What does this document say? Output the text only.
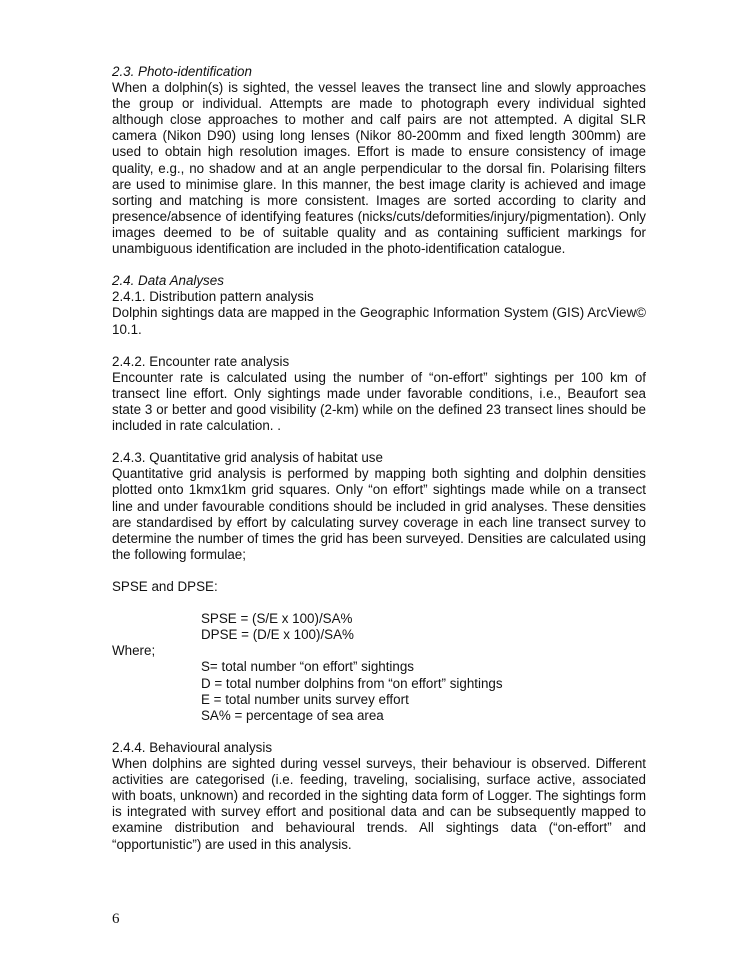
2.3. Photo-identification

When a dolphin(s) is sighted, the vessel leaves the transect line and slowly approaches the group or individual. Attempts are made to photograph every individual sighted although close approaches to mother and calf pairs are not attempted. A digital SLR camera (Nikon D90) using long lenses (Nikor 80-200mm and fixed length 300mm) are used to obtain high resolution images. Effort is made to ensure consistency of image quality, e.g., no shadow and at an angle perpendicular to the dorsal fin. Polarising filters are used to minimise glare. In this manner, the best image clarity is achieved and image sorting and matching is more consistent. Images are sorted according to clarity and presence/absence of identifying features (nicks/cuts/deformities/injury/pigmentation). Only images deemed to be of suitable quality and as containing sufficient markings for unambiguous identification are included in the photo-identification catalogue.

2.4. Data Analyses

2.4.1. Distribution pattern analysis

Dolphin sightings data are mapped in the Geographic Information System (GIS) ArcView© 10.1.

2.4.2. Encounter rate analysis

Encounter rate is calculated using the number of “on-effort” sightings per 100 km of transect line effort. Only sightings made under favorable conditions, i.e., Beaufort sea state 3 or better and good visibility (2-km) while on the defined 23 transect lines should be included in rate calculation. .

2.4.3. Quantitative grid analysis of habitat use

Quantitative grid analysis is performed by mapping both sighting and dolphin densities plotted onto 1kmx1km grid squares. Only “on effort” sightings made while on a transect line and under favourable conditions should be included in grid analyses. These densities are standardised by effort by calculating survey coverage in each line transect survey to determine the number of times the grid has been surveyed. Densities are calculated using the following formulae;

SPSE and DPSE:

SPSE = (S/E x 100)/SA%

DPSE = (D/E x 100)/SA%

Where;

S= total number “on effort” sightings

D = total number dolphins from “on effort” sightings

E = total number units survey effort

SA% = percentage of sea area

2.4.4. Behavioural analysis

When dolphins are sighted during vessel surveys, their behaviour is observed. Different activities are categorised (i.e. feeding, traveling, socialising, surface active, associated with boats, unknown) and recorded in the sighting data form of Logger. The sightings form is integrated with survey effort and positional data and can be subsequently mapped to examine distribution and behavioural trends. All sightings data (“on-effort” and “opportunistic”) are used in this analysis.

6
